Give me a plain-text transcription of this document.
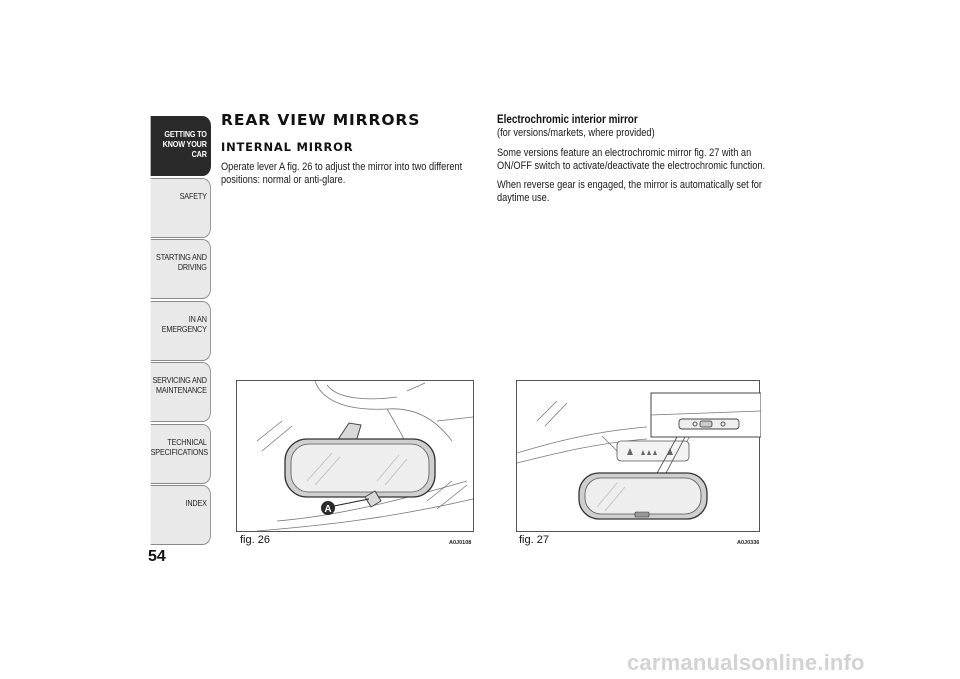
GETTING TO
KNOW YOUR CAR
SAFETY
STARTING AND
DRIVING
IN AN EMERGENCY
SERVICING AND
MAINTENANCE
TECHNICAL
SPECIFICATIONS
INDEX
54
REAR VIEW MIRRORS
INTERNAL MIRROR
Operate lever A fig. 26 to adjust the mirror into two different positions: normal or anti-glare.
Electrochromic interior mirror
(for versions/markets, where provided)
Some versions feature an electrochromic mirror fig. 27 with an ON/OFF switch to activate/deactivate the electrochromic function.
When reverse gear is engaged, the mirror is automatically set for daytime use.
A
fig. 26	A0J0108	fig. 27	A0J0336
carmanualsonline.info
